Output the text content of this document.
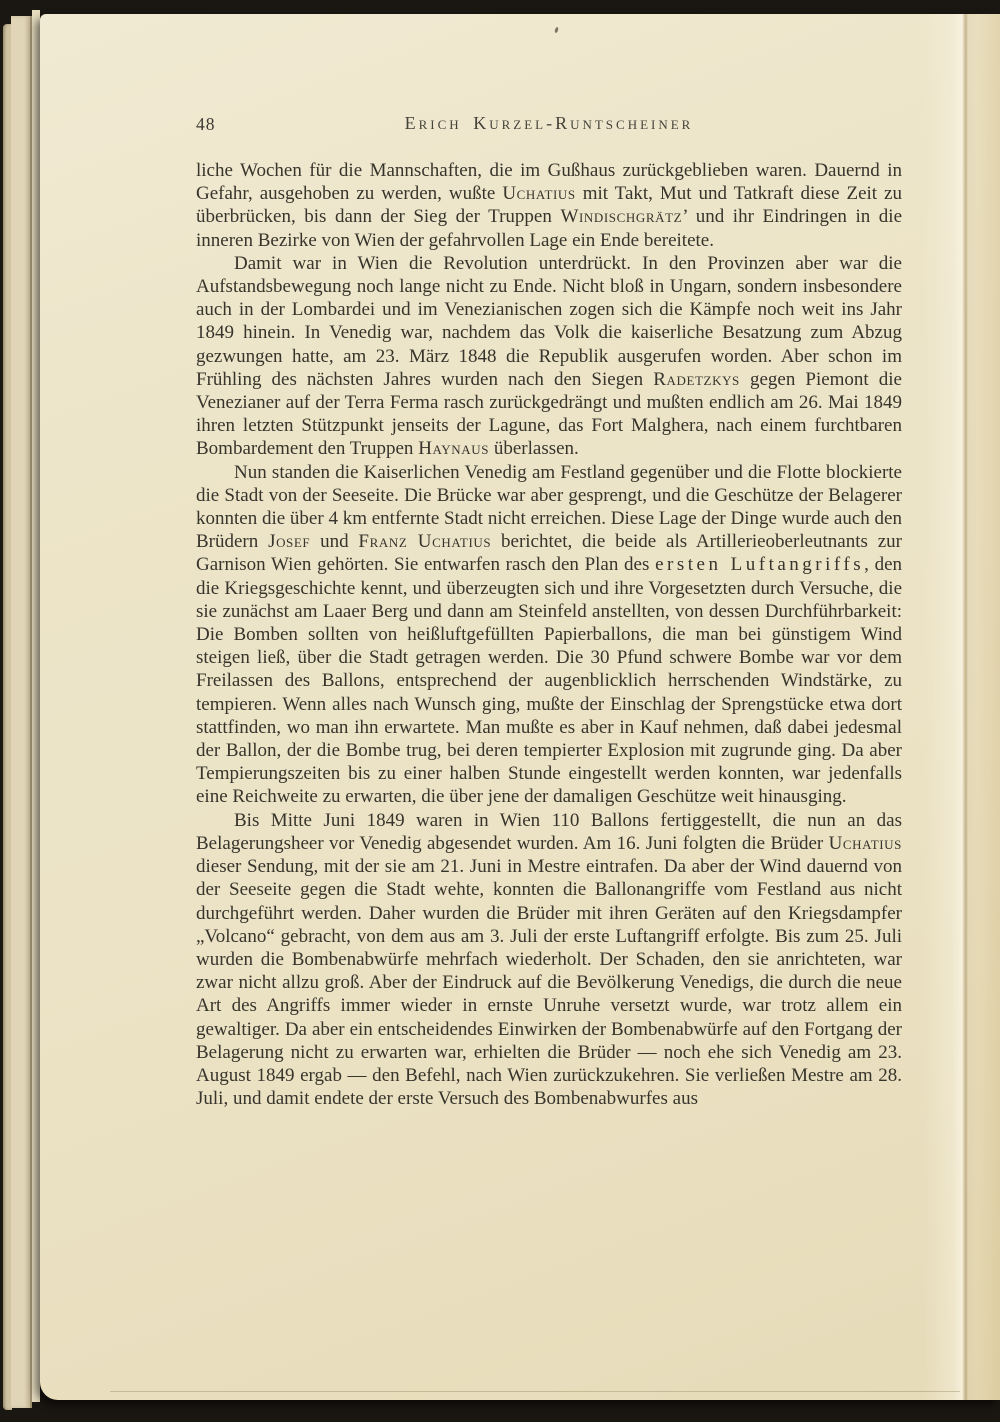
48	Erich Kurzel-Runtscheiner

liche Wochen für die Mannschaften, die im Gußhaus zurückgeblieben waren. Dauernd in Gefahr, ausgehoben zu werden, wußte Uchatius mit Takt, Mut und Tatkraft diese Zeit zu überbrücken, bis dann der Sieg der Truppen Windischgrätz’ und ihr Eindringen in die inneren Bezirke von Wien der gefahrvollen Lage ein Ende bereitete.

Damit war in Wien die Revolution unterdrückt. In den Provinzen aber war die Aufstandsbewegung noch lange nicht zu Ende. Nicht bloß in Ungarn, sondern insbesondere auch in der Lombardei und im Venezianischen zogen sich die Kämpfe noch weit ins Jahr 1849 hinein. In Venedig war, nachdem das Volk die kaiserliche Besatzung zum Abzug gezwungen hatte, am 23. März 1848 die Republik ausgerufen worden. Aber schon im Frühling des nächsten Jahres wurden nach den Siegen Radetzkys gegen Piemont die Venezianer auf der Terra Ferma rasch zurückgedrängt und mußten endlich am 26. Mai 1849 ihren letzten Stützpunkt jenseits der Lagune, das Fort Malghera, nach einem furchtbaren Bombardement den Truppen Haynaus überlassen.

Nun standen die Kaiserlichen Venedig am Festland gegenüber und die Flotte blockierte die Stadt von der Seeseite. Die Brücke war aber gesprengt, und die Geschütze der Belagerer konnten die über 4 km entfernte Stadt nicht erreichen. Diese Lage der Dinge wurde auch den Brüdern Josef und Franz Uchatius berichtet, die beide als Artillerieoberleutnants zur Garnison Wien gehörten. Sie entwarfen rasch den Plan des ersten Luftangriffs, den die Kriegsgeschichte kennt, und überzeugten sich und ihre Vorgesetzten durch Versuche, die sie zunächst am Laaer Berg und dann am Steinfeld anstellten, von dessen Durchführbarkeit: Die Bomben sollten von heißluftgefüllten Papierballons, die man bei günstigem Wind steigen ließ, über die Stadt getragen werden. Die 30 Pfund schwere Bombe war vor dem Freilassen des Ballons, entsprechend der augenblicklich herrschenden Windstärke, zu tempieren. Wenn alles nach Wunsch ging, mußte der Einschlag der Sprengstücke etwa dort stattfinden, wo man ihn erwartete. Man mußte es aber in Kauf nehmen, daß dabei jedesmal der Ballon, der die Bombe trug, bei deren tempierter Explosion mit zugrunde ging. Da aber Tempierungszeiten bis zu einer halben Stunde eingestellt werden konnten, war jedenfalls eine Reichweite zu erwarten, die über jene der damaligen Geschütze weit hinausging.

Bis Mitte Juni 1849 waren in Wien 110 Ballons fertiggestellt, die nun an das Belagerungsheer vor Venedig abgesendet wurden. Am 16. Juni folgten die Brüder Uchatius dieser Sendung, mit der sie am 21. Juni in Mestre eintrafen. Da aber der Wind dauernd von der Seeseite gegen die Stadt wehte, konnten die Ballonangriffe vom Festland aus nicht durchgeführt werden. Daher wurden die Brüder mit ihren Geräten auf den Kriegsdampfer „Volcano“ gebracht, von dem aus am 3. Juli der erste Luftangriff erfolgte. Bis zum 25. Juli wurden die Bombenabwürfe mehrfach wiederholt. Der Schaden, den sie anrichteten, war zwar nicht allzu groß. Aber der Eindruck auf die Bevölkerung Venedigs, die durch die neue Art des Angriffs immer wieder in ernste Unruhe versetzt wurde, war trotz allem ein gewaltiger. Da aber ein entscheidendes Einwirken der Bombenabwürfe auf den Fortgang der Belagerung nicht zu erwarten war, erhielten die Brüder — noch ehe sich Venedig am 23. August 1849 ergab — den Befehl, nach Wien zurückzukehren. Sie verließen Mestre am 28. Juli, und damit endete der erste Versuch des Bombenabwurfes aus
